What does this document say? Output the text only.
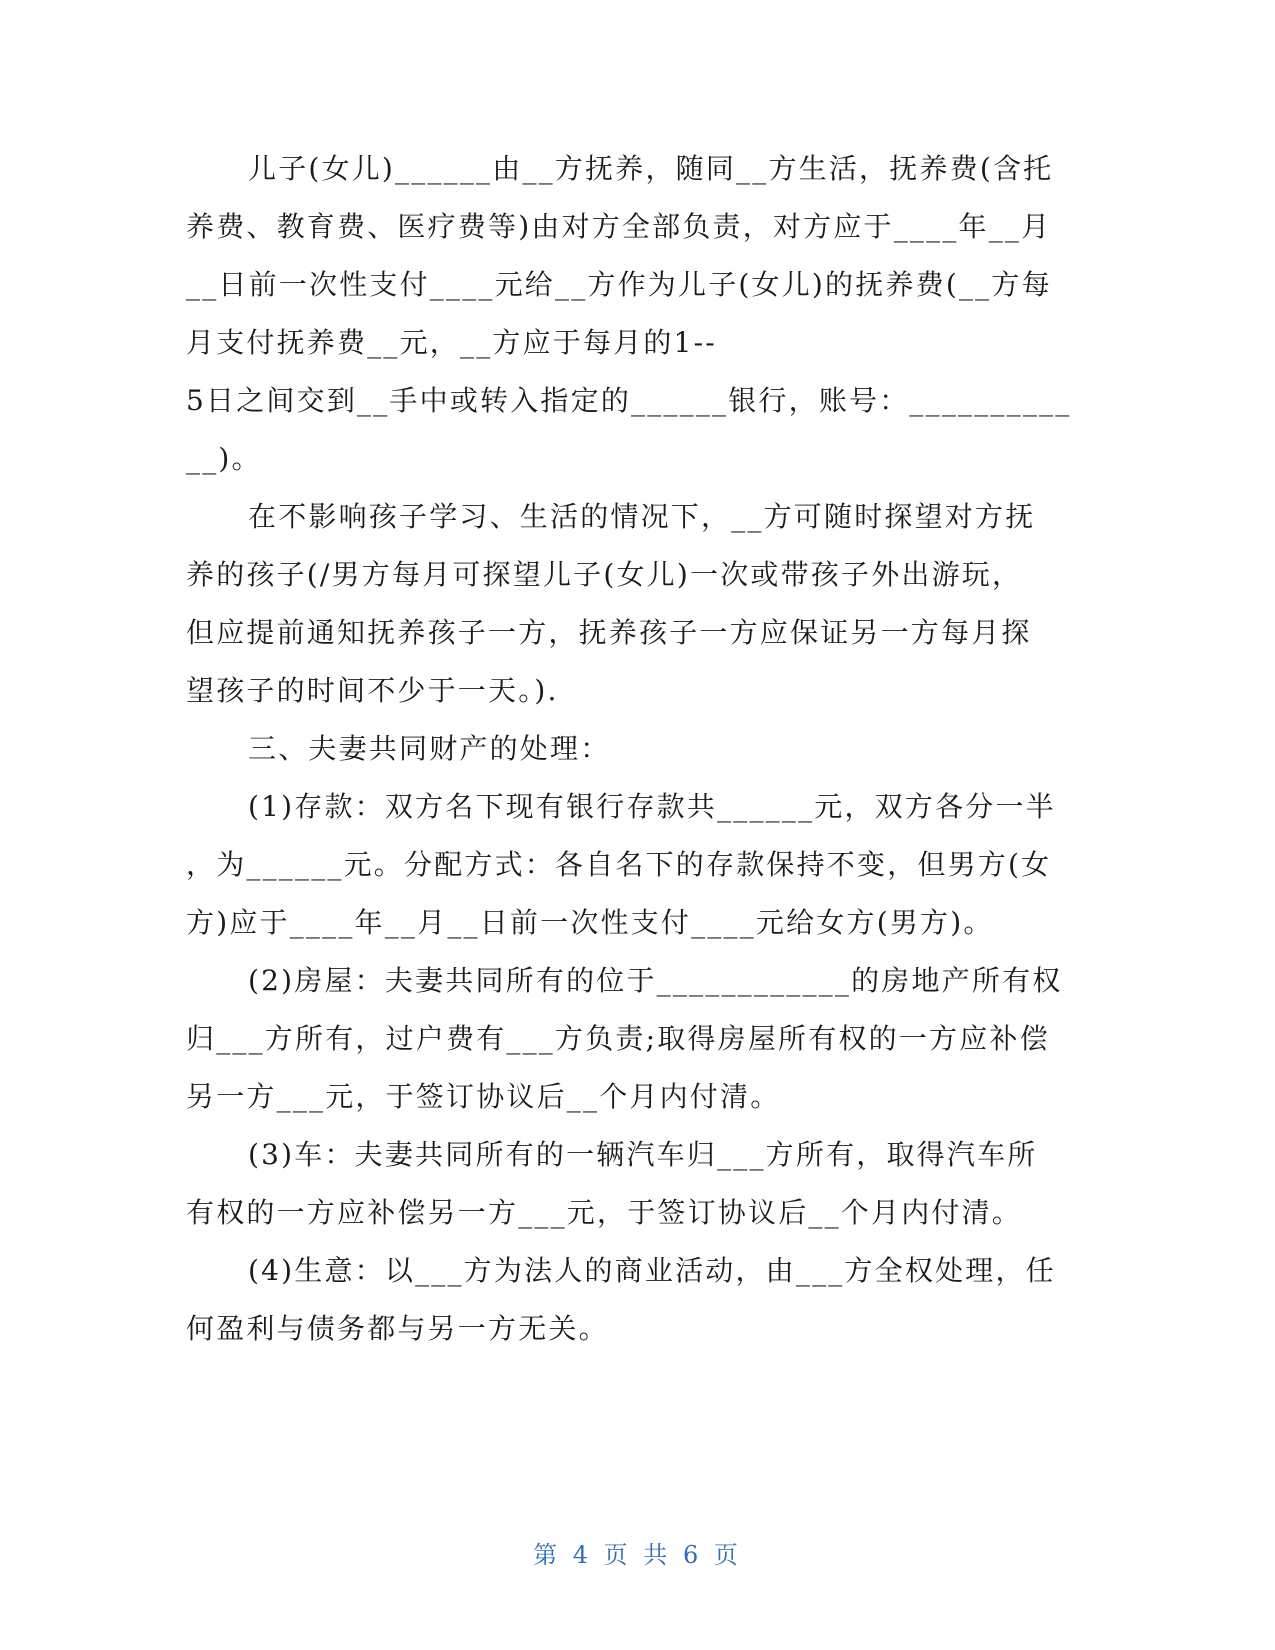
儿子(女儿)______由__方抚养，随同__方生活，抚养费(含托
养费、教育费、医疗费等)由对方全部负责，对方应于____年__月
__日前一次性支付____元给__方作为儿子(女儿)的抚养费(__方每
月支付抚养费__元，__方应于每月的1--
5日之间交到__手中或转入指定的______银行，账号：__________
__)。
在不影响孩子学习、生活的情况下，__方可随时探望对方抚
养的孩子(/男方每月可探望儿子(女儿)一次或带孩子外出游玩，
但应提前通知抚养孩子一方，抚养孩子一方应保证另一方每月探
望孩子的时间不少于一天。).
三、夫妻共同财产的处理：
(1)存款：双方名下现有银行存款共______元，双方各分一半
，为______元。分配方式：各自名下的存款保持不变，但男方(女
方)应于____年__月__日前一次性支付____元给女方(男方)。
(2)房屋：夫妻共同所有的位于____________的房地产所有权
归___方所有，过户费有___方负责;取得房屋所有权的一方应补偿
另一方___元，于签订协议后__个月内付清。
(3)车：夫妻共同所有的一辆汽车归___方所有，取得汽车所
有权的一方应补偿另一方___元，于签订协议后__个月内付清。
(4)生意：以___方为法人的商业活动，由___方全权处理，任
何盈利与债务都与另一方无关。
第 4 页 共 6 页
